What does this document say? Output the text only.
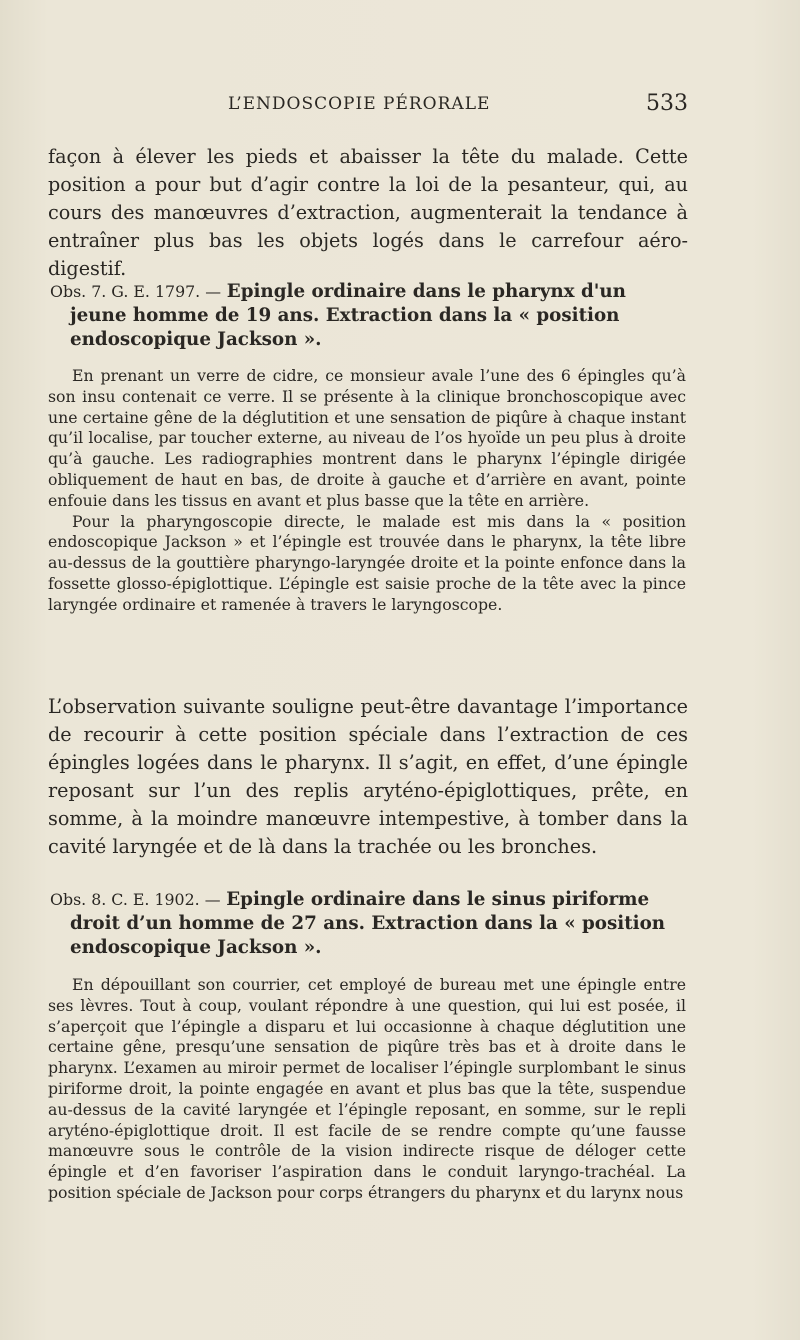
L’ENDOSCOPIE PÉRORALE	533
façon à élever les pieds et abaisser la tête du malade. Cette position a pour but d’agir contre la loi de la pesanteur, qui, au cours des manœuvres d’extraction, augmenterait la tendance à entraîner plus bas les objets logés dans le carrefour aéro-digestif.
Obs. 7. G. E. 1797. — Epingle ordinaire dans le pharynx d'un
jeune homme de 19 ans. Extraction dans la « position
endoscopique Jackson ».

En prenant un verre de cidre, ce monsieur avale l’une des 6 épingles qu’à son insu contenait ce verre. Il se présente à la clinique bronchoscopique avec une certaine gêne de la déglutition et une sensation de piqûre à chaque instant qu’il localise, par toucher externe, au niveau de l’os hyoïde un peu plus à droite qu’à gauche. Les radiographies montrent dans le pharynx l’épingle dirigée obliquement de haut en bas, de droite à gauche et d’arrière en avant, pointe enfouie dans les tissus en avant et plus basse que la tête en arrière.

Pour la pharyngoscopie directe, le malade est mis dans la « position endoscopique Jackson » et l’épingle est trouvée dans le pharynx, la tête libre au-dessus de la gouttière pharyngo-laryngée droite et la pointe enfonce dans la fossette glosso-épiglottique. L’épingle est saisie proche de la tête avec la pince laryngée ordinaire et ramenée à travers le laryngoscope.

L’observation suivante souligne peut-être davantage l’importance de recourir à cette position spéciale dans l’extraction de ces épingles logées dans le pharynx. Il s’agit, en effet, d’une épingle reposant sur l’un des replis aryténo-épiglottiques, prête, en somme, à la moindre manœuvre intempestive, à tomber dans la cavité laryngée et de là dans la trachée ou les bronches.
Obs. 8. C. E. 1902. — Epingle ordinaire dans le sinus piriforme
droit d’un homme de 27 ans. Extraction dans la « position
endoscopique Jackson ».

En dépouillant son courrier, cet employé de bureau met une épingle entre ses lèvres. Tout à coup, voulant répondre à une question, qui lui est posée, il s’aperçoit que l’épingle a disparu et lui occasionne à chaque déglutition une certaine gêne, presqu’une sensation de piqûre très bas et à droite dans le pharynx. L’examen au miroir permet de localiser l’épingle surplombant le sinus piriforme droit, la pointe engagée en avant et plus bas que la tête, suspendue au-dessus de la cavité laryngée et l’épingle reposant, en somme, sur le repli aryténo-épiglottique droit. Il est facile de se rendre compte qu’une fausse manœuvre sous le contrôle de la vision indirecte risque de déloger cette épingle et d’en favoriser l’aspiration dans le conduit laryngo-trachéal. La position spéciale de Jackson pour corps étrangers du pharynx et du larynx nous
